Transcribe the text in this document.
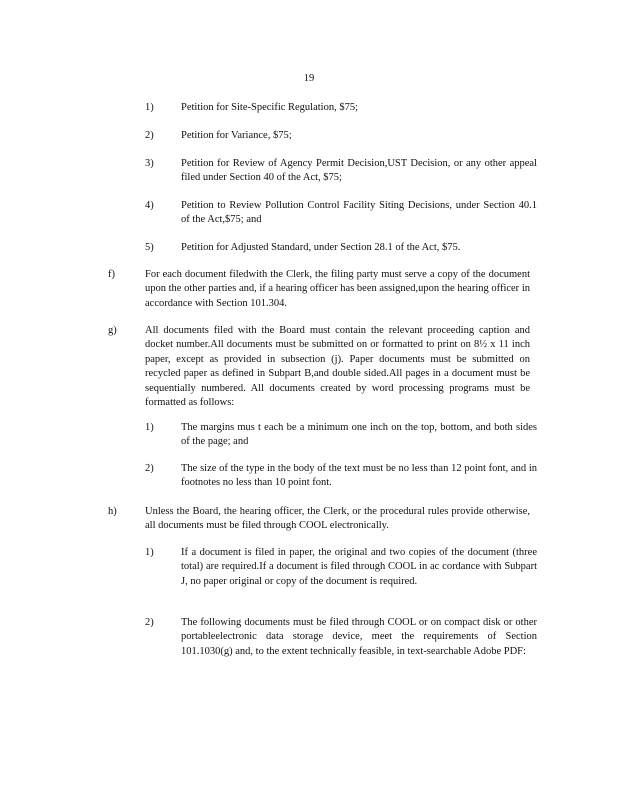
19
1)	Petition for Site-Specific Regulation, $75;
2)	Petition for Variance, $75;
3)	Petition for Review of Agency Permit Decision,UST Decision, or any other appeal filed under Section 40 of the Act, $75;
4)	Petition to Review Pollution Control Facility Siting Decisions, under Section 40.1 of the Act,$75; and
5)	Petition for Adjusted Standard, under Section 28.1 of the Act, $75.
f)	For each document filedwith the Clerk, the filing party must serve a copy of the document upon the other parties and, if a hearing officer has been assigned,upon the hearing officer in accordance with Section 101.304.
g)	All documents filed with the Board must contain the relevant proceeding caption and docket number.All documents must be submitted on or formatted to print on 8½ x 11 inch paper, except as provided in subsection (j). Paper documents must be submitted on recycled paper as defined in Subpart B,and double sided.All pages in a document must be sequentially numbered. All documents created by word processing programs must be formatted as follows:
1)	The margins mus t each be a minimum one inch on the top, bottom, and both sides of the page; and
2)	The size of the type in the body of the text must be no less than 12 point font, and in footnotes no less than 10 point font.
h)	Unless the Board, the hearing officer, the Clerk, or the procedural rules provide otherwise, all documents must be filed through COOL electronically.
1)	If a document is filed in paper, the original and two copies of the document (three total) are required.If a document is filed through COOL in ac cordance with Subpart J, no paper original or copy of the document is required.
2)	The following documents must be filed through COOL or on compact disk or other portableelectronic data storage device, meet the requirements of Section 101.1030(g) and, to the extent technically feasible, in text-searchable Adobe PDF:
